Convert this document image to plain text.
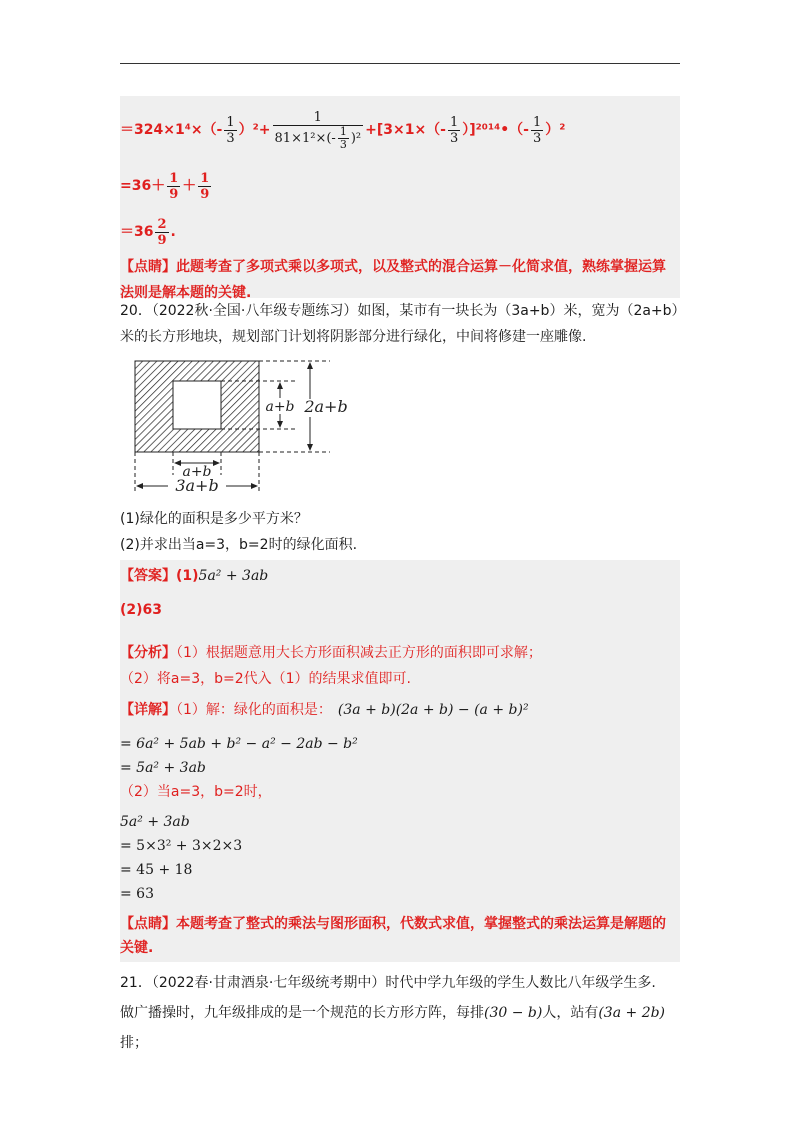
$=324\times 1^4\times(- \frac{1}{3} )^2+ \frac{1}{81\times 1^2\times(- \frac{1}{3} )^2} +[3\times 1\times(- \frac{1}{3}$ ）]²⁰¹⁴•（- $\frac{1}{3} )^2$
$=36+ \frac{1}{9} + \frac{1}{9}$
$=36 \frac{2}{9}$ .
【点睛】此题考查了多项式乘以多项式，以及整式的混合运算－化简求值，熟练掌握运算
法则是解本题的关键.
20．（2022秋·全国·八年级专题练习）如图，某市有一块长为（3a+b）米，宽为（2a+b）
米的长方形地块，规划部门计划将阴影部分进行绿化，中间将修建一座雕像.
a+b 2a+b
a+b
3a+b
(1)绿化的面积是多少平方米？
(2)并求出当a=3，b=2时的绿化面积.
【答案】(1)5a² + 3ab
(2)63
【分析】（1）根据题意用大长方形面积减去正方形的面积即可求解；
（2）将a=3，b=2代入（1）的结果求值即可.
【详解】（1）解：绿化的面积是： (3a + b)(2a + b) − (a + b)²
= 6a² + 5ab + b² − a² − 2ab − b²
= 5a² + 3ab
（2）当a=3，b=2时，
5a² + 3ab
= 5×3² + 3×2×3
= 45 + 18
= 63
【点睛】本题考查了整式的乘法与图形面积，代数式求值，掌握整式的乘法运算是解题的
关键.
21．（2022春·甘肃酒泉·七年级统考期中）时代中学九年级的学生人数比八年级学生多.
做广播操时，九年级排成的是一个规范的长方形方阵，每排(30 − b)人，站有(3a + 2b)排；
